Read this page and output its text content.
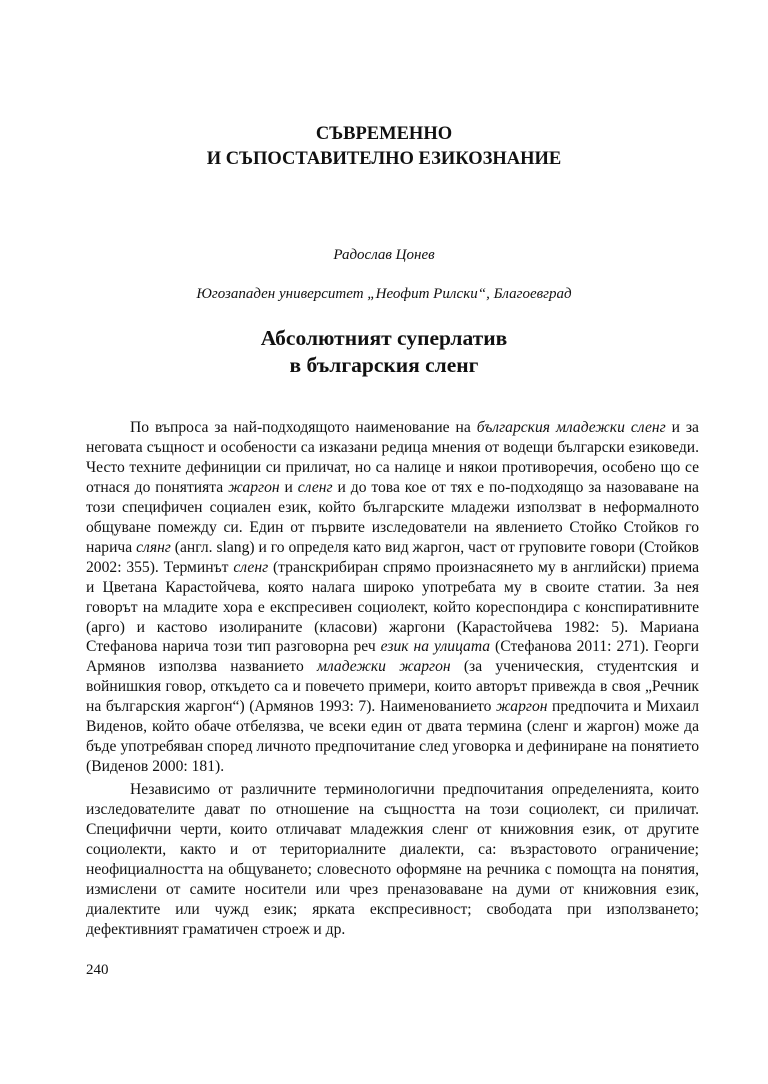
СЪВРЕМЕННО
И СЪПОСТАВИТЕЛНО ЕЗИКОЗНАНИЕ
Радослав Цонев
Югозападен университет „Неофит Рилски“, Благоевград
Абсолютният суперлатив
в българския сленг

По въпроса за най-подходящото наименование на българския младежки сленг и за неговата същност и особености са изказани редица мнения от водещи български езиковеди. Често техните дефиниции си приличат, но са налице и някои противоречия, особено що се отнася до понятията жаргон и сленг и до това кое от тях е по-подходящо за назоваване на този специфичен социален език, който българските младежи използват в неформалното общуване помежду си. Един от първите изследователи на явлението Стойко Стойков го нарича слянг (англ. slang) и го определя като вид жаргон, част от груповите говори (Стойков 2002: 355). Терминът сленг (транскрибиран спрямо произнасянето му в английски) приема и Цветана Карастойчева, която налага широко употребата му в своите статии. За нея говорът на младите хора е експресивен социолект, който кореспондира с конспиративните (арго) и кастово изолираните (класови) жаргони (Карастойчева 1982: 5). Мариана Стефанова нарича този тип разговорна реч език на улицата (Стефанова 2011: 271). Георги Армянов използва названието младежки жаргон (за ученическия, студентския и войнишкия говор, откъдето са и повечето примери, които авторът привежда в своя „Речник на българския жаргон“) (Армянов 1993: 7). Наименованието жаргон предпочита и Михаил Виденов, който обаче отбелязва, че всеки един от двата термина (сленг и жаргон) може да бъде употребяван според личното предпочитание след уговорка и дефиниране на понятието (Виденов 2000: 181).

Независимо от различните терминологични предпочитания определенията, които изследователите дават по отношение на същността на този социолект, си приличат. Специфични черти, които отличават младежкия сленг от книжовния език, от другите социолекти, както и от териториалните диалекти, са: възрастовото ограничение; неофициалността на общуването; словесното оформяне на речника с помощта на понятия, измислени от самите носители или чрез преназоваване на думи от книжовния език, диалектите или чужд език; ярката експресивност; свободата при използването; дефективният граматичен строеж и др.

240
